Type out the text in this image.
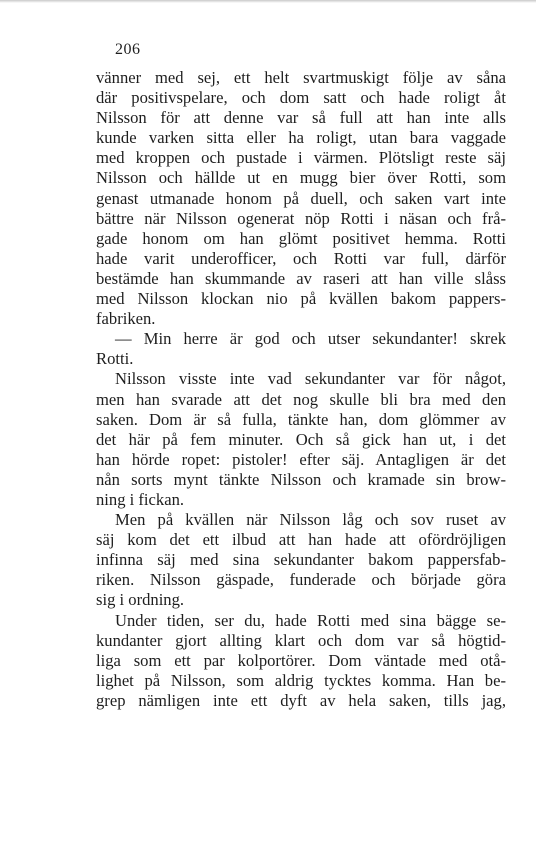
206
vänner med sej, ett helt svartmuskigt följe av såna
där positivspelare, och dom satt och hade roligt åt
Nilsson för att denne var så full att han inte alls
kunde varken sitta eller ha roligt, utan bara vaggade
med kroppen och pustade i värmen. Plötsligt reste säj
Nilsson och hällde ut en mugg bier över Rotti, som
genast utmanade honom på duell, och saken vart inte
bättre när Nilsson ogenerat nöp Rotti i näsan och frå-
gade honom om han glömt positivet hemma. Rotti
hade varit underofficer, och Rotti var full, därför
bestämde han skummande av raseri att han ville slåss
med Nilsson klockan nio på kvällen bakom pappers-
fabriken.
— Min herre är god och utser sekundanter! skrek
Rotti.
Nilsson visste inte vad sekundanter var för något,
men han svarade att det nog skulle bli bra med den
saken. Dom är så fulla, tänkte han, dom glömmer av
det här på fem minuter. Och så gick han ut, i det
han hörde ropet: pistoler! efter säj. Antagligen är det
nån sorts mynt tänkte Nilsson och kramade sin brow-
ning i fickan.
Men på kvällen när Nilsson låg och sov ruset av
säj kom det ett ilbud att han hade att ofördröjligen
infinna säj med sina sekundanter bakom pappersfab-
riken. Nilsson gäspade, funderade och började göra
sig i ordning.
Under tiden, ser du, hade Rotti med sina bägge se-
kundanter gjort allting klart och dom var så högtid-
liga som ett par kolportörer. Dom väntade med otå-
lighet på Nilsson, som aldrig tycktes komma. Han be-
grep nämligen inte ett dyft av hela saken, tills jag,
